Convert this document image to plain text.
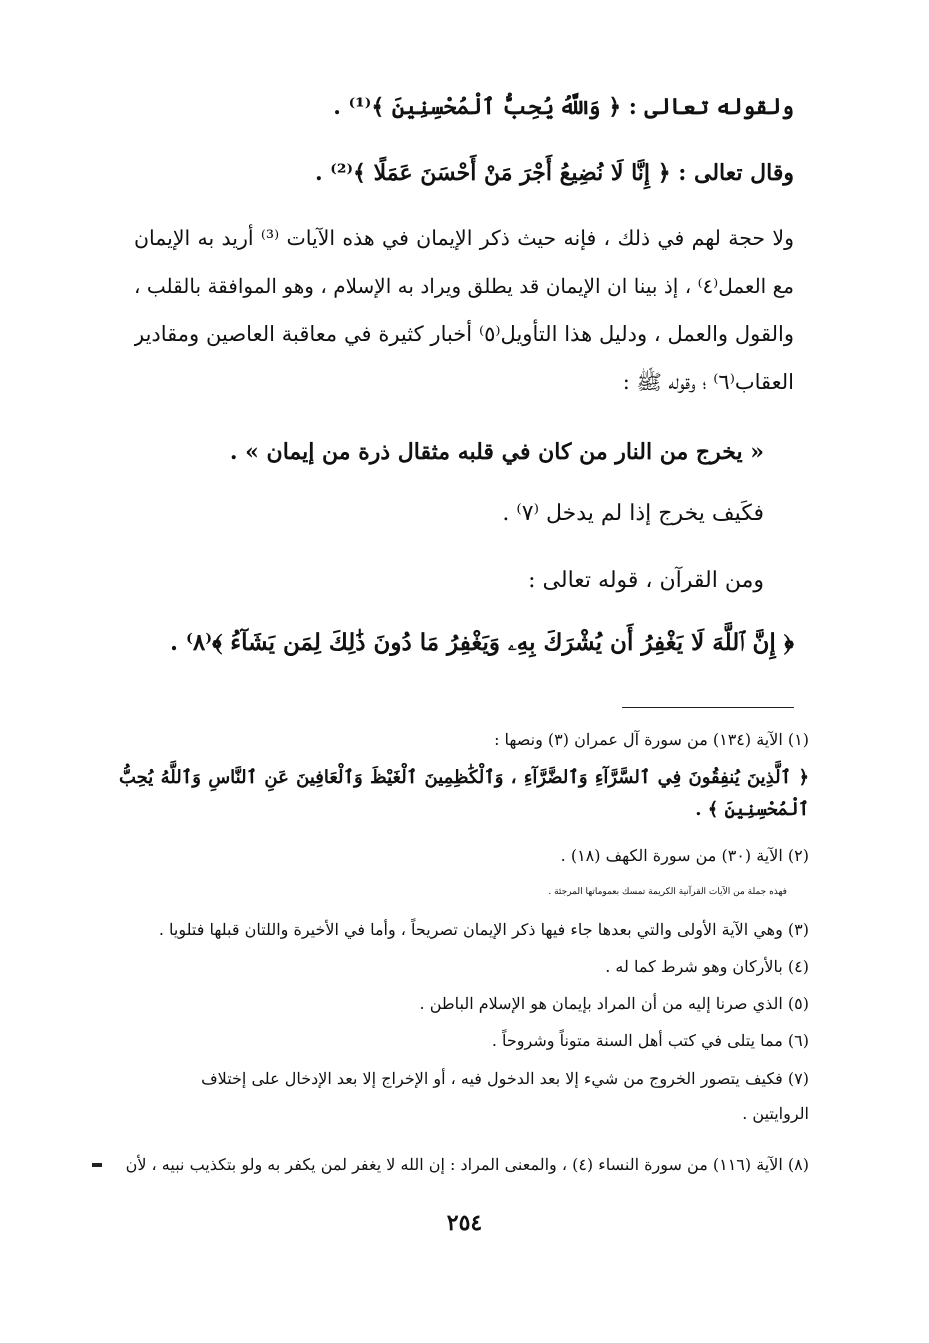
ولقوله تعالى : ﴿ وَاللَّهُ يُحِبُّ ٱلْمُحْسِنِينَ ﴾⁽¹⁾ .
وقال تعالى : ﴿ إِنَّا لَا نُضِيعُ أَجْرَ مَنْ أَحْسَنَ عَمَلًا ﴾⁽²⁾ .
ولا حجة لهم في ذلك ، فإنه حيث ذكر الإيمان في هذه الآيات ⁽³⁾ أريد به الإيمان
مع العمل⁽٤⁾ ، إذ بينا ان الإيمان قد يطلق ويراد به الإسلام ، وهو الموافقة بالقلب ،
والقول والعمل ، ودليل هذا التأويل⁽٥⁾ أخبار كثيرة في معاقبة العاصين ومقادير
العقاب⁽٦⁾ ؛ وقوله ﷺ :
« يخرج من النار من كان في قلبه مثقال ذرة من إيمان » .
فكَيف يخرج إذا لم يدخل ⁽٧⁾ .
ومن القرآن ، قوله تعالى :
﴿ إِنَّ ٱللَّهَ لَا يَغْفِرُ أَن يُشْرَكَ بِهِۦ وَيَغْفِرُ مَا دُونَ ذَٰلِكَ لِمَن يَشَآءُ ﴾⁽٨⁾ .
(١) الآية (١٣٤) من سورة آل عمران (٣) ونصها :
﴿ ٱلَّذِينَ يُنفِقُونَ فِي ٱلسَّرَّآءِ وَٱلضَّرَّآءِ ، وَٱلْكَٰظِمِينَ ٱلْغَيْظَ وَٱلْعَافِينَ عَنِ ٱلنَّاسِ وَٱللَّهُ يُحِبُّ
ٱلْمُحْسِنِينَ ﴾ .
(٢) الآية (٣٠) من سورة الكهف (١٨) .
فهذه جملة من الآيات القرآنية الكريمة تمسك بعموماتها المرجئة .
(٣) وهي الآية الأولى والتي بعدها جاء فيها ذكر الإيمان تصريحاً ، وأما في الأخيرة واللتان قبلها فتلويا .
(٤) بالأركان وهو شرط كما له .
(٥) الذي صرنا إليه من أن المراد بإيمان هو الإسلام الباطن .
(٦) مما يتلى في كتب أهل السنة متوناً وشروحاً .
(٧) فكيف يتصور الخروج من شيء إلا بعد الدخول فيه ، أو الإخراج إلا بعد الإدخال على إختلاف
الروايتين .
(٨) الآية (١١٦) من سورة النساء (٤) ، والمعنى المراد : إن الله لا يغفر لمن يكفر به ولو بتكذيب نبيه ، لأن
٢٥٤
